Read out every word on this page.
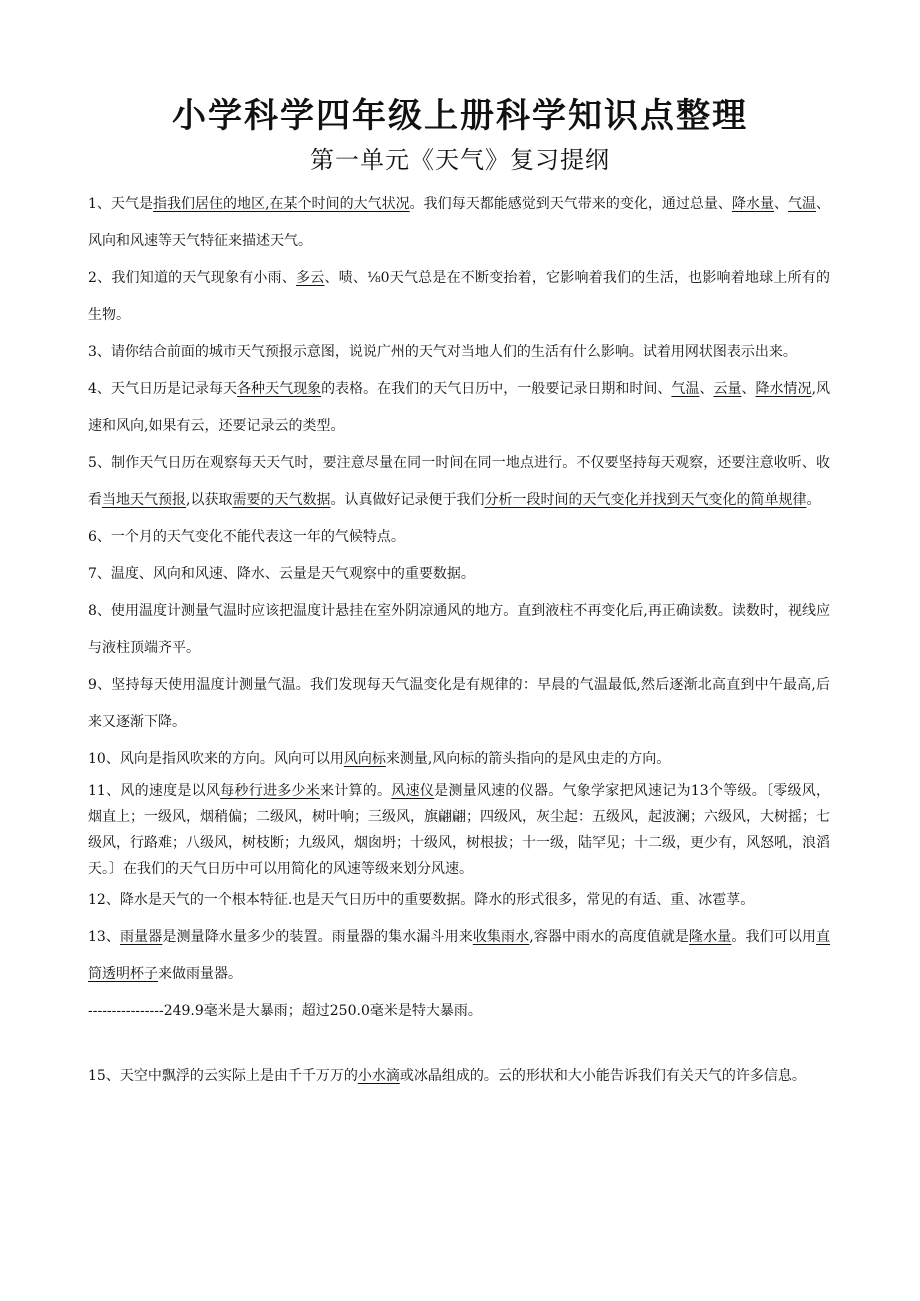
小学科学四年级上册科学知识点整理
第一单元《天气》复习提纲

1、天气是指我们居住的地区,在某个时间的大气状况。我们每天都能感觉到天气带来的变化，通过总量、降水量、气温、风向和风速等天气特征来描述天气。

2、我们知道的天气现象有小雨、多云、啧、⅛0天气总是在不断变抬着，它影响着我们的生活，也影响着地球上所有的生物。

3、请你结合前面的城市天气预报示意图，说说广州的天气对当地人们的生活有什么影响。试着用网状图表示出来。

4、天气日历是记录每天各种天气现象的表格。在我们的天气日历中，一般要记录日期和时间、气温、云量、降水情况,风速和风向,如果有云，还要记录云的类型。

5、制作天气日历在观察每天天气时，要注意尽量在同一时间在同一地点进行。不仅要坚持每天观察，还要注意收听、收看当地天气预报,以获取需要的天气数据。认真做好记录便于我们分析一段时间的天气变化并找到天气变化的简单规律。

6、一个月的天气变化不能代表这一年的气候特点。

7、温度、风向和风速、降水、云量是天气观察中的重要数据。

8、使用温度计测量气温时应该把温度计悬挂在室外阴凉通风的地方。直到液柱不再变化后,再正确读数。读数时，视线应与液柱顶端齐平。

9、坚持每天使用温度计测量气温。我们发现每天气温变化是有规律的：早晨的气温最低,然后逐渐北高直到中午最高,后来又逐渐下降。

10、风向是指风吹来的方向。风向可以用风向标来测量,风向标的箭头指向的是风虫走的方向。

11、风的速度是以风每秒行进多少米来计算的。风速仪是测量风速的仪器。气象学家把风速记为13个等级。〔零级风，烟直上；一级风，烟稍偏；二级风，树叶响；三级风，旗翩翩；四级风，灰尘起：五级风，起波澜；六级风，大树摇；七级风，行路难；八级风，树枝断；九级风，烟囱坍；十级风，树根拔；十一级，陆罕见；十二级，更少有，风怒吼，浪滔天。〕在我们的天气日历中可以用简化的风速等级来划分风速。

12、降水是天气的一个根本特征.也是天气日历中的重要数据。降水的形式很多，常见的有适、重、冰雹莩。

13、雨量器是测量降水量多少的装置。雨量器的集水漏斗用来收集雨水,容器中雨水的高度值就是隆水量。我们可以用直筒透明杯子来做雨量器。

----------------249.9毫米是大暴雨；超过250.0毫米是特大暴雨。

15、天空中飘浮的云实际上是由千千万万的小水滴或冰晶组成的。云的形状和大小能告诉我们有关天气的许多信息。
